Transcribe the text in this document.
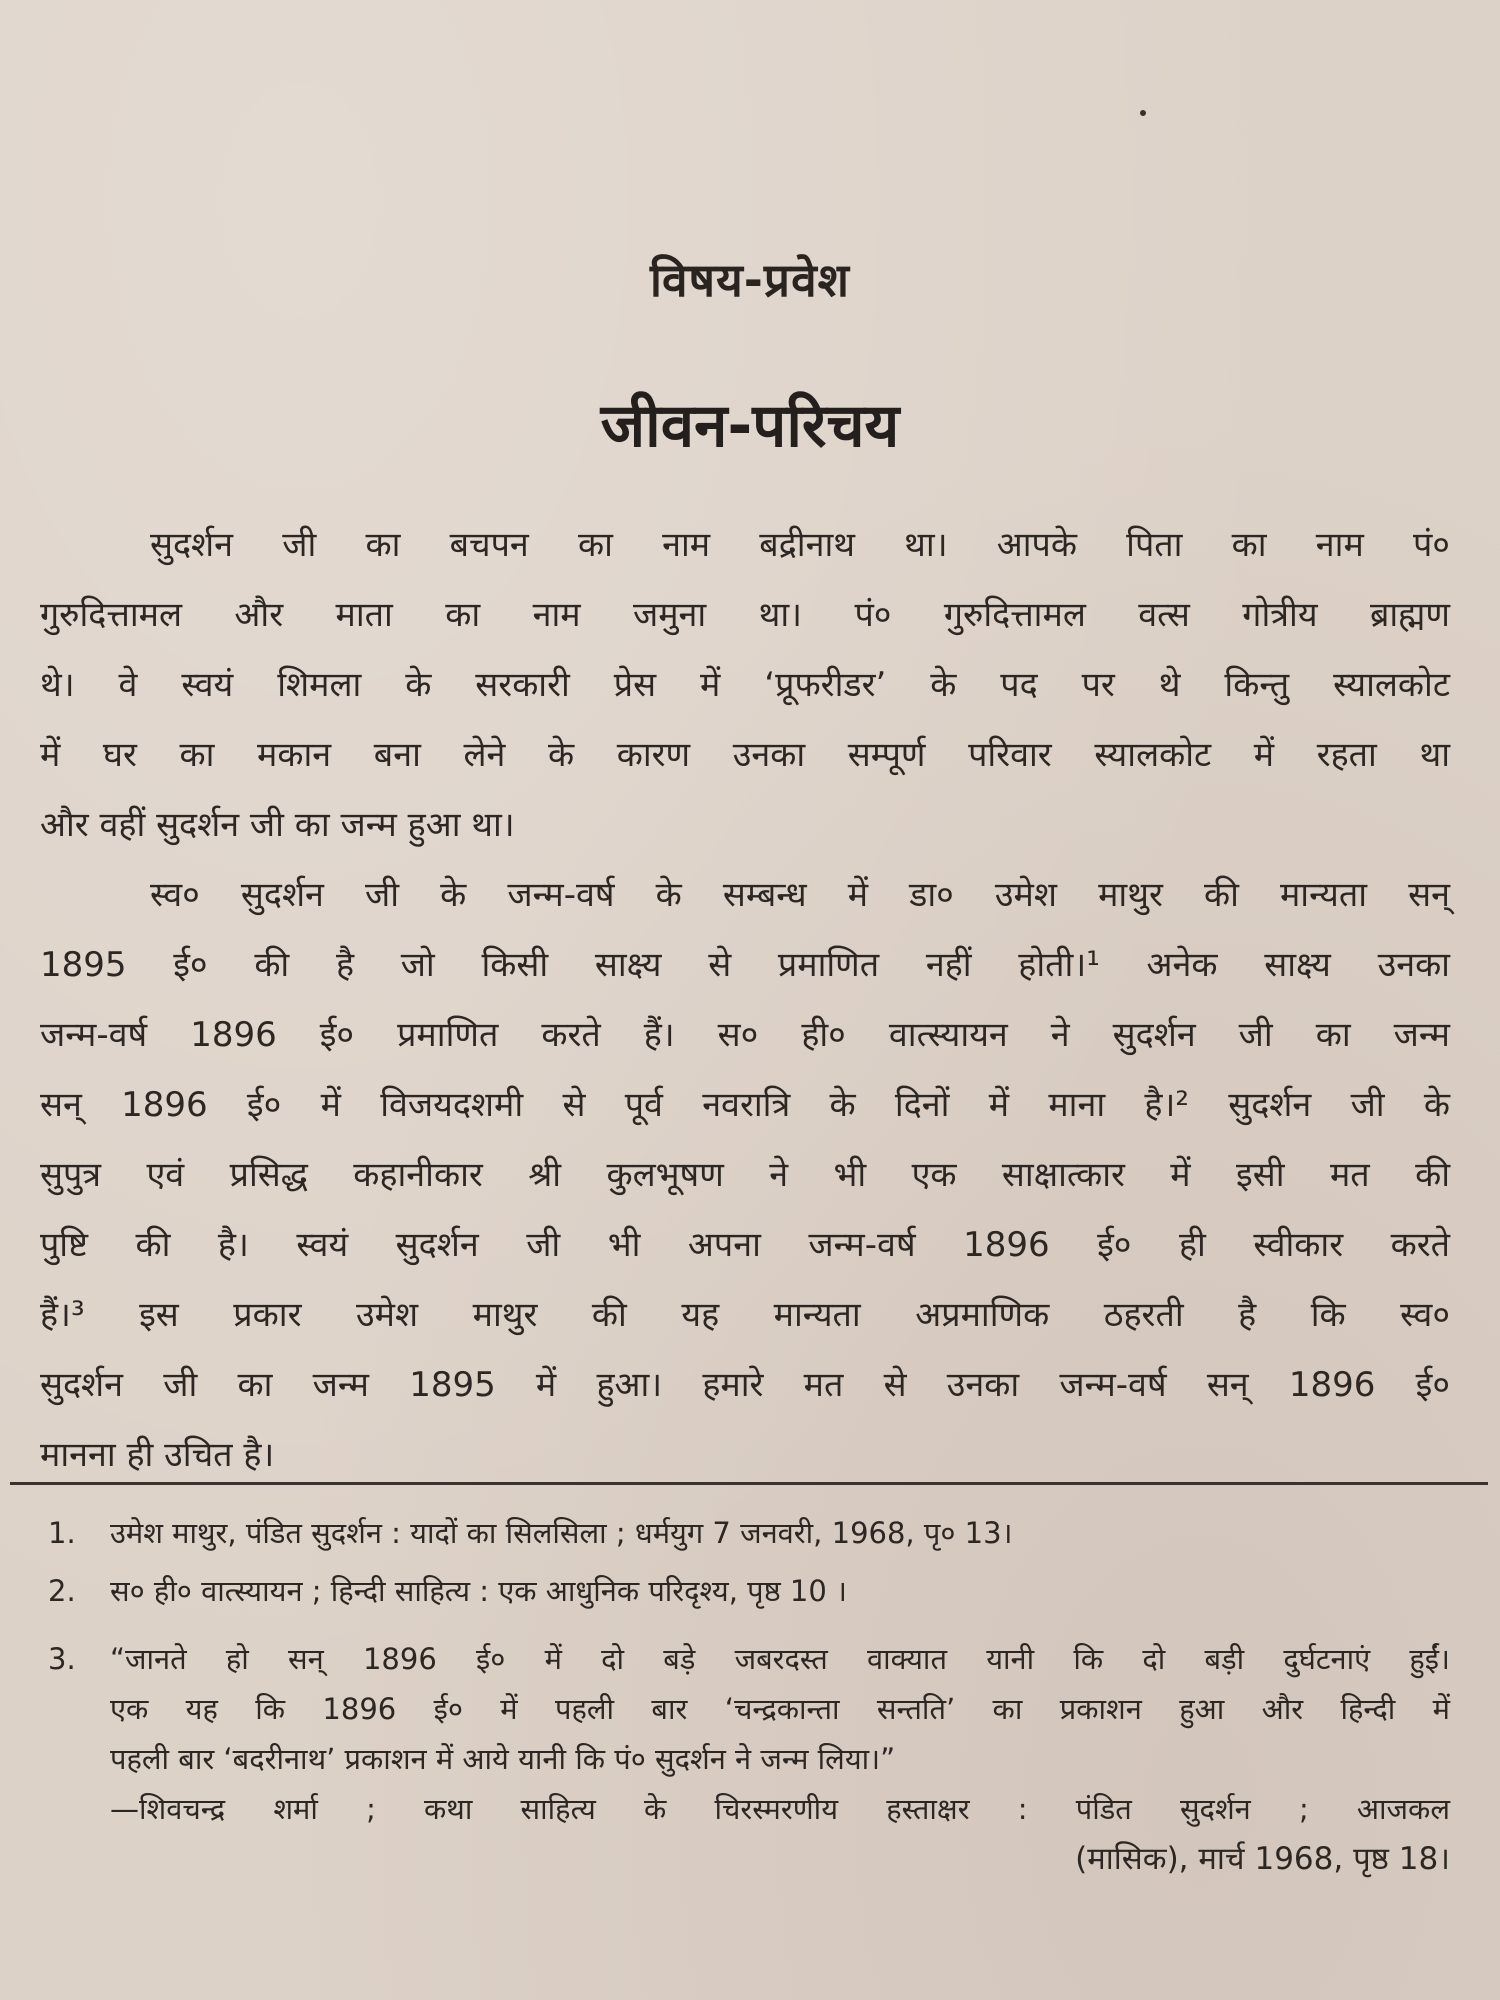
विषय-प्रवेश
जीवन-परिचय
सुदर्शन जी का बचपन का नाम बद्रीनाथ था। आपके पिता का नाम पं०
गुरुदित्तामल और माता का नाम जमुना था। पं० गुरुदित्तामल वत्स गोत्रीय ब्राह्मण
थे। वे स्वयं शिमला के सरकारी प्रेस में ‘प्रूफरीडर’ के पद पर थे किन्तु स्यालकोट
में घर का मकान बना लेने के कारण उनका सम्पूर्ण परिवार स्यालकोट में रहता था
और वहीं सुदर्शन जी का जन्म हुआ था।
स्व० सुदर्शन जी के जन्म-वर्ष के सम्बन्ध में डा० उमेश माथुर की मान्यता सन्
1895 ई० की है जो किसी साक्ष्य से प्रमाणित नहीं होती।¹ अनेक साक्ष्य उनका
जन्म-वर्ष 1896 ई० प्रमाणित करते हैं। स० ही० वात्स्यायन ने सुदर्शन जी का जन्म
सन् 1896 ई० में विजयदशमी से पूर्व नवरात्रि के दिनों में माना है।² सुदर्शन जी के
सुपुत्र एवं प्रसिद्ध कहानीकार श्री कुलभूषण ने भी एक साक्षात्कार में इसी मत की
पुष्टि की है। स्वयं सुदर्शन जी भी अपना जन्म-वर्ष 1896 ई० ही स्वीकार करते
हैं।³ इस प्रकार उमेश माथुर की यह मान्यता अप्रमाणिक ठहरती है कि स्व०
सुदर्शन जी का जन्म 1895 में हुआ। हमारे मत से उनका जन्म-वर्ष सन् 1896 ई०
मानना ही उचित है।
1.	उमेश माथुर, पंडित सुदर्शन : यादों का सिलसिला ; धर्मयुग 7 जनवरी, 1968, पृ० 13।
2.	स० ही० वात्स्यायन ; हिन्दी साहित्य : एक आधुनिक परिदृश्य, पृष्ठ 10 ।
3.	“जानते हो सन् 1896 ई० में दो बड़े जबरदस्त वाक्यात यानी कि दो बड़ी दुर्घटनाएं हुईं।
एक यह कि 1896 ई० में पहली बार ‘चन्द्रकान्ता सन्तति’ का प्रकाशन हुआ और हिन्दी में
पहली बार ‘बदरीनाथ’ प्रकाशन में आये यानी कि पं० सुदर्शन ने जन्म लिया।”
—शिवचन्द्र शर्मा ; कथा साहित्य के चिरस्मरणीय हस्ताक्षर : पंडित सुदर्शन ; आजकल
(मासिक), मार्च 1968, पृष्ठ 18।
